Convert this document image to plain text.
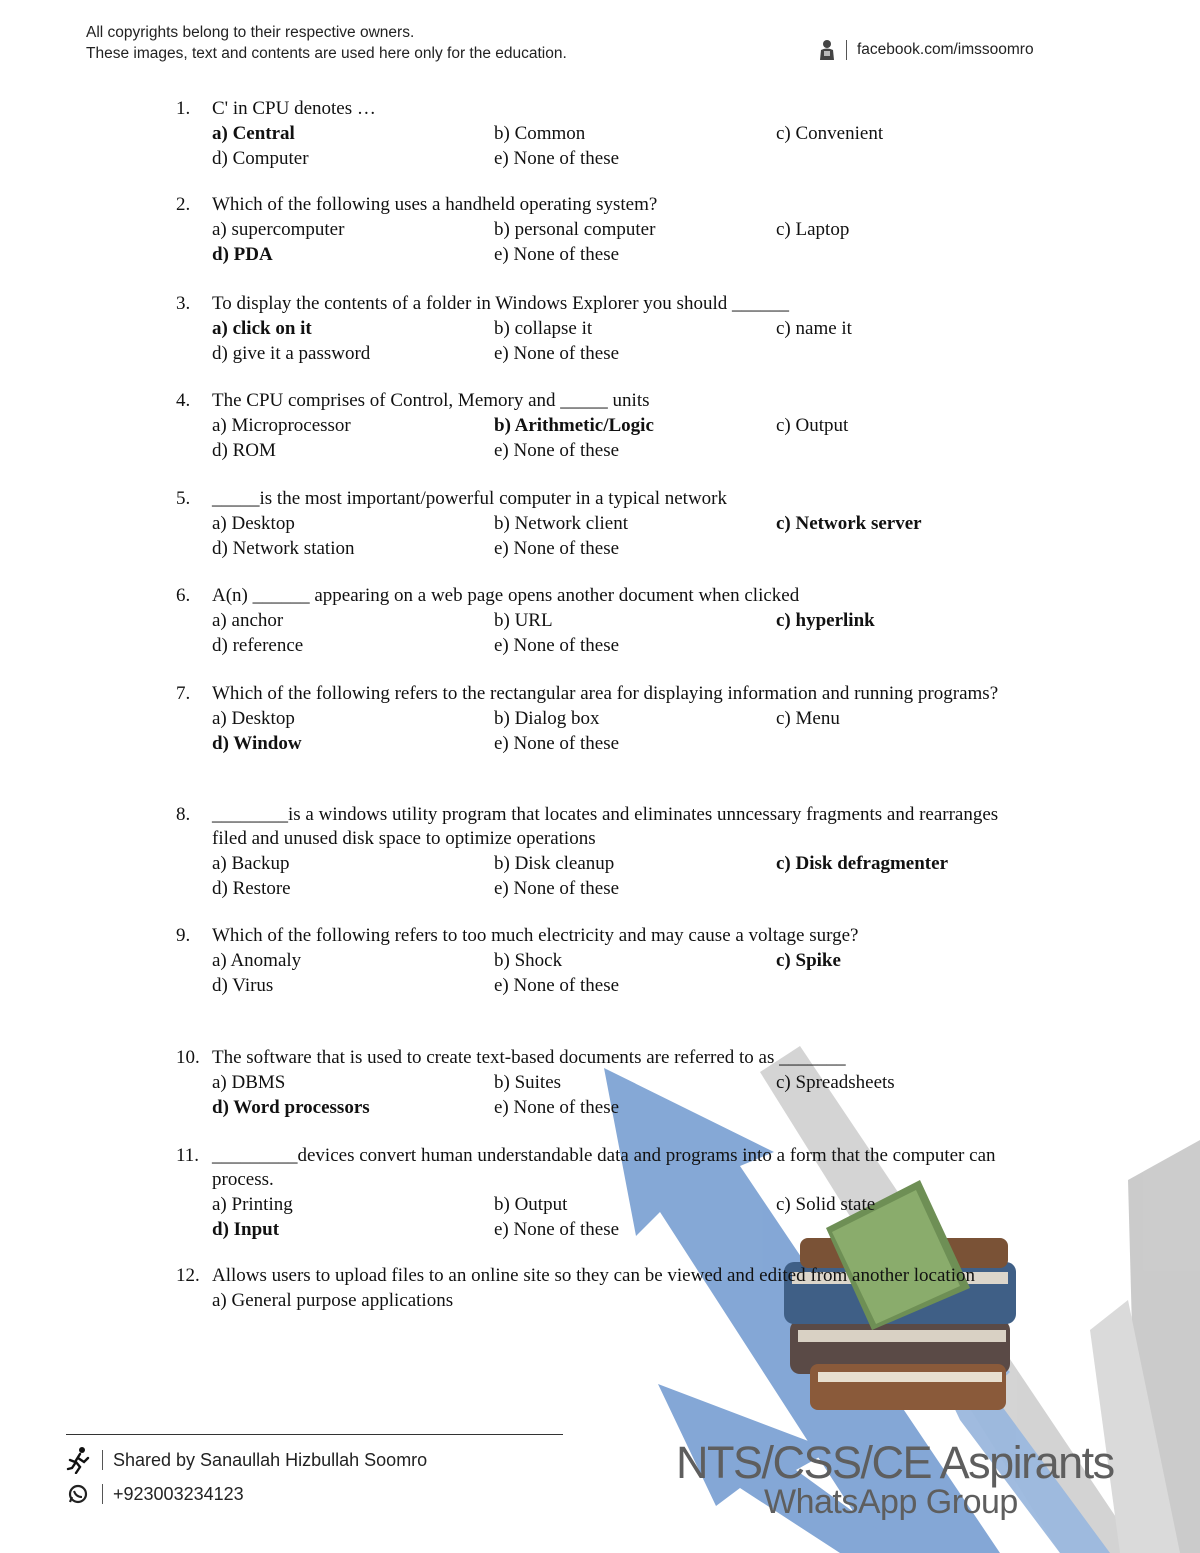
NTS/CSS/CE Aspirants
WhatsApp Group
All copyrights belong to their respective owners.
These images, text and contents are used here only for the education.	facebook.com/imssoomro
1.	C' in CPU denotes …
a) Central	b) Common	c) Convenient
d) Computer	e) None of these
2.	Which of the following uses a handheld operating system?
a) supercomputer	b) personal computer	c) Laptop
d) PDA	e) None of these
3.	To display the contents of a folder in Windows Explorer you should ______
a) click on it	b) collapse it	c) name it
d) give it a password	e) None of these
4.	The CPU comprises of Control, Memory and _____ units
a) Microprocessor	b) Arithmetic/Logic	c) Output
d) ROM	e) None of these
5.	_____is the most important/powerful computer in a typical network
a) Desktop	b) Network client	c) Network server
d) Network station	e) None of these
6.	A(n) ______ appearing on a web page opens another document when clicked
a) anchor	b) URL	c) hyperlink
d) reference	e) None of these
7.	Which of the following refers to the rectangular area for displaying information and running programs?
a) Desktop	b) Dialog box	c) Menu
d) Window	e) None of these
8.	________is a windows utility program that locates and eliminates unncessary fragments and rearranges filed and unused disk space to optimize operations
a) Backup	b) Disk cleanup	c) Disk defragmenter
d) Restore	e) None of these
9.	Which of the following refers to too much electricity and may cause a voltage surge?
a) Anomaly	b) Shock	c) Spike
d) Virus	e) None of these
10. The software that is used to create text-based documents are referred to as _______
a) DBMS	b) Suites	c) Spreadsheets
d) Word processors	e) None of these
11. _________devices convert human understandable data and programs into a form that the computer can process.
a) Printing	b) Output	c) Solid state
d) Input	e) None of these
12. Allows users to upload files to an online site so they can be viewed and edited from another location
a) General purpose applications
Shared by Sanaullah Hizbullah Soomro
+923003234123
